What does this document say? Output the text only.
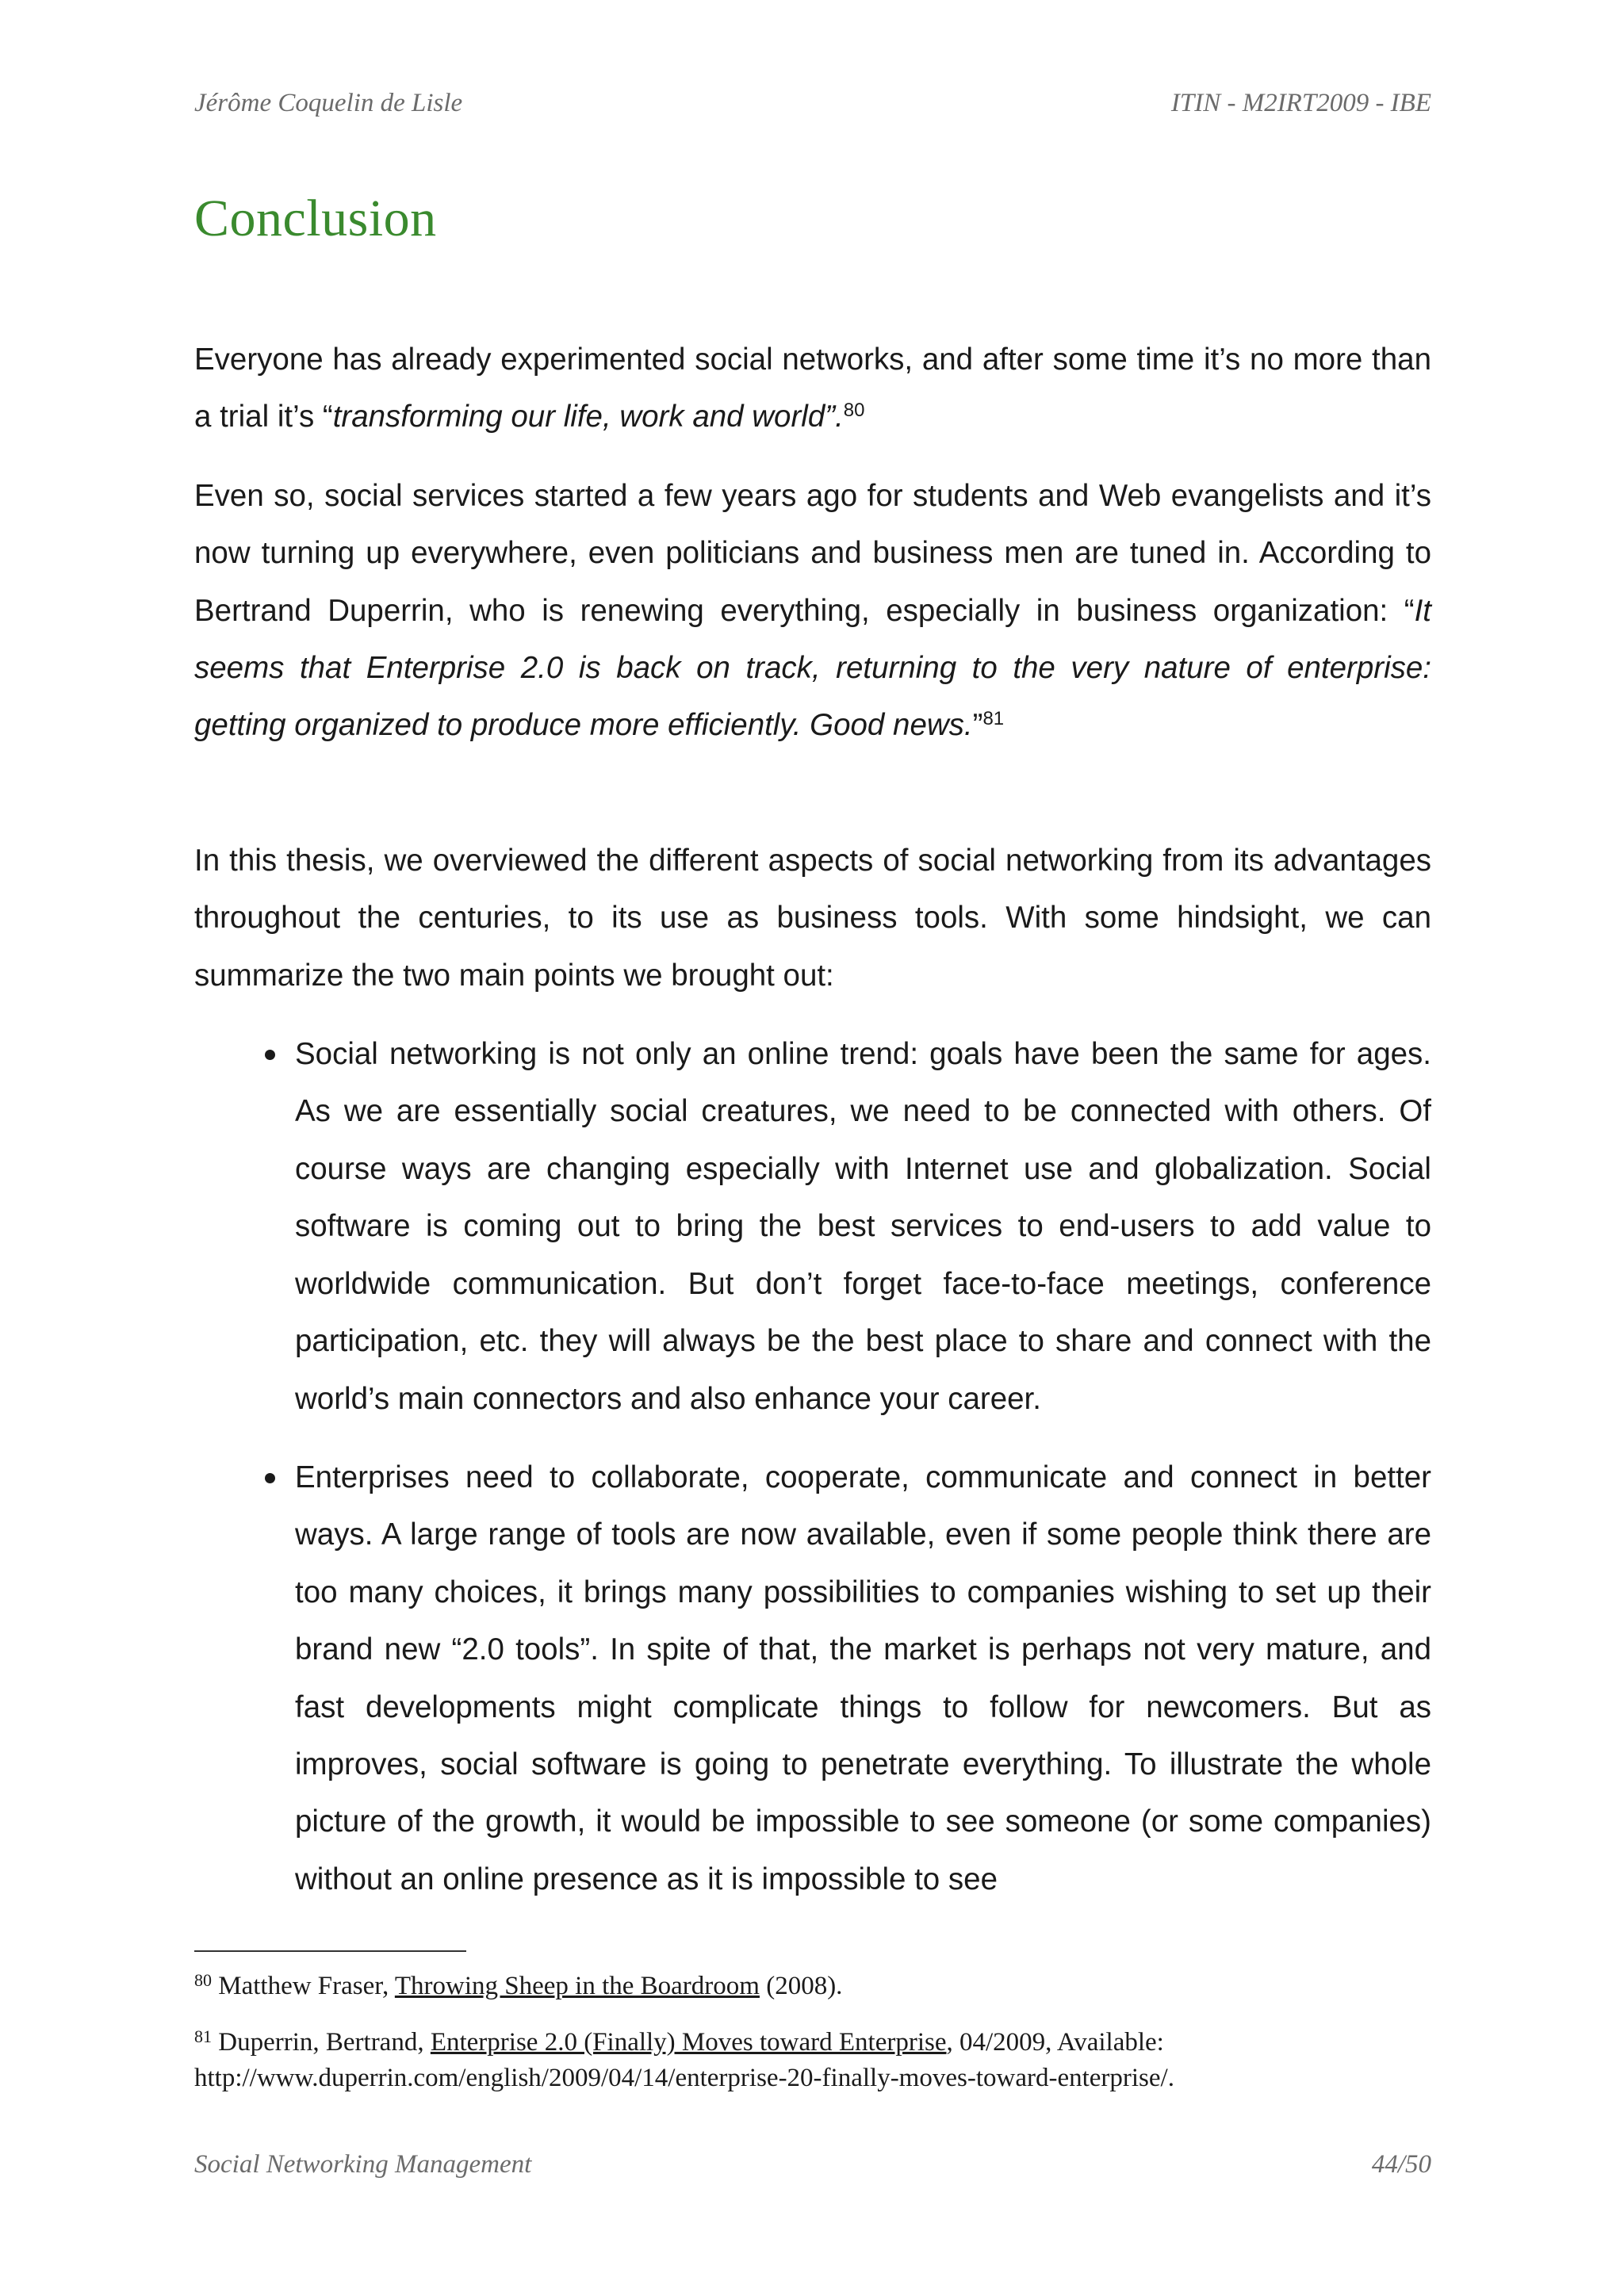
Jérôme Coquelin de Lisle	ITIN - M2IRT2009 - IBE
Conclusion

Everyone has already experimented social networks, and after some time it’s no more than a trial it’s “transforming our life, work and world”.$^{80}$

Even so, social services started a few years ago for students and Web evangelists and it’s now turning up everywhere, even politicians and business men are tuned in. According to Bertrand Duperrin, who is renewing everything, especially in business organization: “It seems that Enterprise 2.0 is back on track, returning to the very nature of enterprise: getting organized to produce more efficiently. Good news.”$^{81}$

In this thesis, we overviewed the different aspects of social networking from its advantages throughout the centuries, to its use as business tools. With some hindsight, we can summarize the two main points we brought out:

Social networking is not only an online trend: goals have been the same for ages. As we are essentially social creatures, we need to be connected with others. Of course ways are changing especially with Internet use and globalization. Social software is coming out to bring the best services to end-users to add value to worldwide communication. But don’t forget face-to-face meetings, conference participation, etc. they will always be the best place to share and connect with the world’s main connectors and also enhance your career.
Enterprises need to collaborate, cooperate, communicate and connect in better ways. A large range of tools are now available, even if some people think there are too many choices, it brings many possibilities to companies wishing to set up their brand new “2.0 tools”. In spite of that, the market is perhaps not very mature, and fast developments might complicate things to follow for newcomers. But as improves, social software is going to penetrate everything. To illustrate the whole picture of the growth, it would be impossible to see someone (or some companies) without an online presence as it is impossible to see

$^{80}$ Matthew Fraser, Throwing Sheep in the Boardroom (2008).

$^{81}$ Duperrin, Bertrand, Enterprise 2.0 (Finally) Moves toward Enterprise, 04/2009, Available: http://www.duperrin.com/english/2009/04/14/enterprise-20-finally-moves-toward-enterprise/.

Social Networking Management	44/50
